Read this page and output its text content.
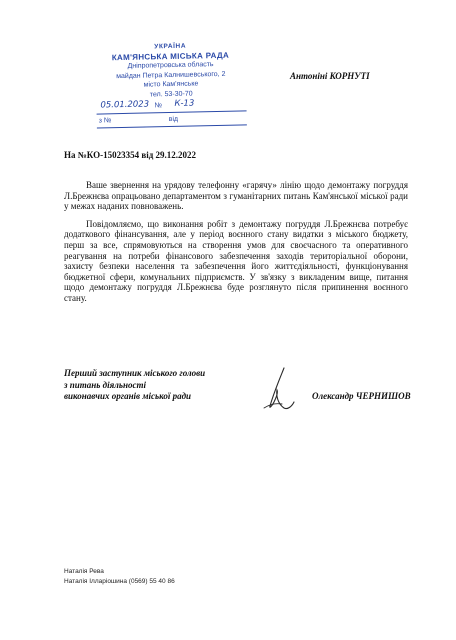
УКРАЇНА
КАМ'ЯНСЬКА МІСЬКА РАДА
Дніпропетровська область
майдан Петра Калнишевського, 2
місто Кам'янське
тел. 53-30-70
05.01.2023 № К-13
з №	від
Антоніні КОРНУТІ
На №КО-15023354 від 29.12.2022

Ваше звернення на урядову телефонну «гарячу» лінію щодо демонтажу погруддя Л.Брежнєва опрацьовано департаментом з гуманітарних питань Кам'янської міської ради у межах наданих повноважень.

Повідомляємо, що виконання робіт з демонтажу погруддя Л.Брежнєва потребує додаткового фінансування, але у період воєнного стану видатки з міського бюджету, перш за все, спрямовуються на створення умов для своєчасного та оперативного реагування на потреби фінансового забезпечення заходів територіальної оборони, захисту безпеки населення та забезпечення його життєдіяльності, функціонування бюджетної сфери, комунальних підприємств. У зв'язку з викладеним вище, питання щодо демонтажу погруддя Л.Брежнєва буде розглянуто після припинення воєнного стану.

Перший заступник міського голови
з питань діяльності
виконавчих органів міської ради	Олександр ЧЕРНИШОВ
Наталія Рева
Наталія Ілларіошина (0569) 55 40 86
